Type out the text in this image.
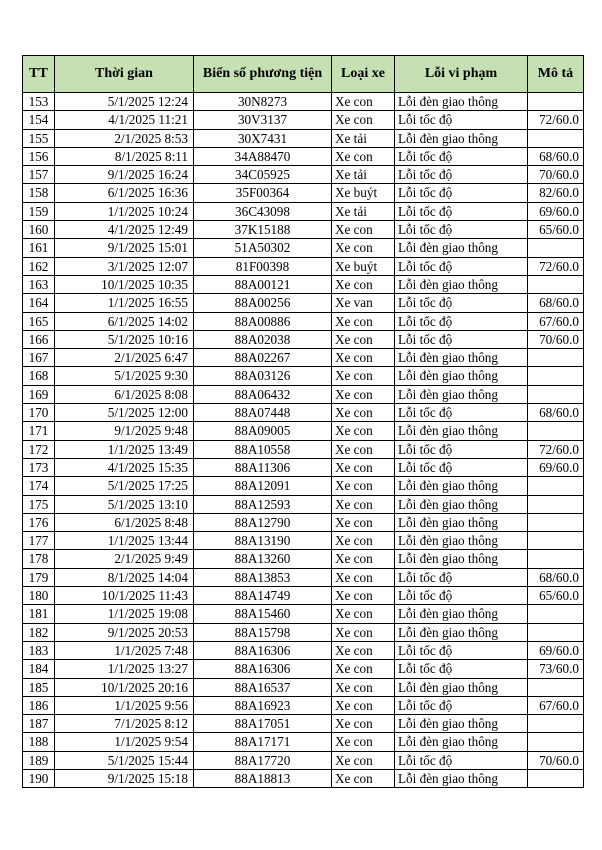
TT	Thời gian	Biển số phương tiện	Loại xe	Lỗi vi phạm	Mô tả
153	5/1/2025 12:24	30N8273	Xe con	Lỗi đèn giao thông	
154	4/1/2025 11:21	30V3137	Xe con	Lỗi tốc độ	72/60.0
155	2/1/2025 8:53	30X7431	Xe tải	Lỗi đèn giao thông	
156	8/1/2025 8:11	34A88470	Xe con	Lỗi tốc độ	68/60.0
157	9/1/2025 16:24	34C05925	Xe tải	Lỗi tốc độ	70/60.0
158	6/1/2025 16:36	35F00364	Xe buýt	Lỗi tốc độ	82/60.0
159	1/1/2025 10:24	36C43098	Xe tải	Lỗi tốc độ	69/60.0
160	4/1/2025 12:49	37K15188	Xe con	Lỗi tốc độ	65/60.0
161	9/1/2025 15:01	51A50302	Xe con	Lỗi đèn giao thông	
162	3/1/2025 12:07	81F00398	Xe buýt	Lỗi tốc độ	72/60.0
163	10/1/2025 10:35	88A00121	Xe con	Lỗi đèn giao thông	
164	1/1/2025 16:55	88A00256	Xe van	Lỗi tốc độ	68/60.0
165	6/1/2025 14:02	88A00886	Xe con	Lỗi tốc độ	67/60.0
166	5/1/2025 10:16	88A02038	Xe con	Lỗi tốc độ	70/60.0
167	2/1/2025 6:47	88A02267	Xe con	Lỗi đèn giao thông	
168	5/1/2025 9:30	88A03126	Xe con	Lỗi đèn giao thông	
169	6/1/2025 8:08	88A06432	Xe con	Lỗi đèn giao thông	
170	5/1/2025 12:00	88A07448	Xe con	Lỗi tốc độ	68/60.0
171	9/1/2025 9:48	88A09005	Xe con	Lỗi đèn giao thông	
172	1/1/2025 13:49	88A10558	Xe con	Lỗi tốc độ	72/60.0
173	4/1/2025 15:35	88A11306	Xe con	Lỗi tốc độ	69/60.0
174	5/1/2025 17:25	88A12091	Xe con	Lỗi đèn giao thông	
175	5/1/2025 13:10	88A12593	Xe con	Lỗi đèn giao thông	
176	6/1/2025 8:48	88A12790	Xe con	Lỗi đèn giao thông	
177	1/1/2025 13:44	88A13190	Xe con	Lỗi đèn giao thông	
178	2/1/2025 9:49	88A13260	Xe con	Lỗi đèn giao thông	
179	8/1/2025 14:04	88A13853	Xe con	Lỗi tốc độ	68/60.0
180	10/1/2025 11:43	88A14749	Xe con	Lỗi tốc độ	65/60.0
181	1/1/2025 19:08	88A15460	Xe con	Lỗi đèn giao thông	
182	9/1/2025 20:53	88A15798	Xe con	Lỗi đèn giao thông	
183	1/1/2025 7:48	88A16306	Xe con	Lỗi tốc độ	69/60.0
184	1/1/2025 13:27	88A16306	Xe con	Lỗi tốc độ	73/60.0
185	10/1/2025 20:16	88A16537	Xe con	Lỗi đèn giao thông	
186	1/1/2025 9:56	88A16923	Xe con	Lỗi tốc độ	67/60.0
187	7/1/2025 8:12	88A17051	Xe con	Lỗi đèn giao thông	
188	1/1/2025 9:54	88A17171	Xe con	Lỗi đèn giao thông	
189	5/1/2025 15:44	88A17720	Xe con	Lỗi tốc độ	70/60.0
190	9/1/2025 15:18	88A18813	Xe con	Lỗi đèn giao thông	
